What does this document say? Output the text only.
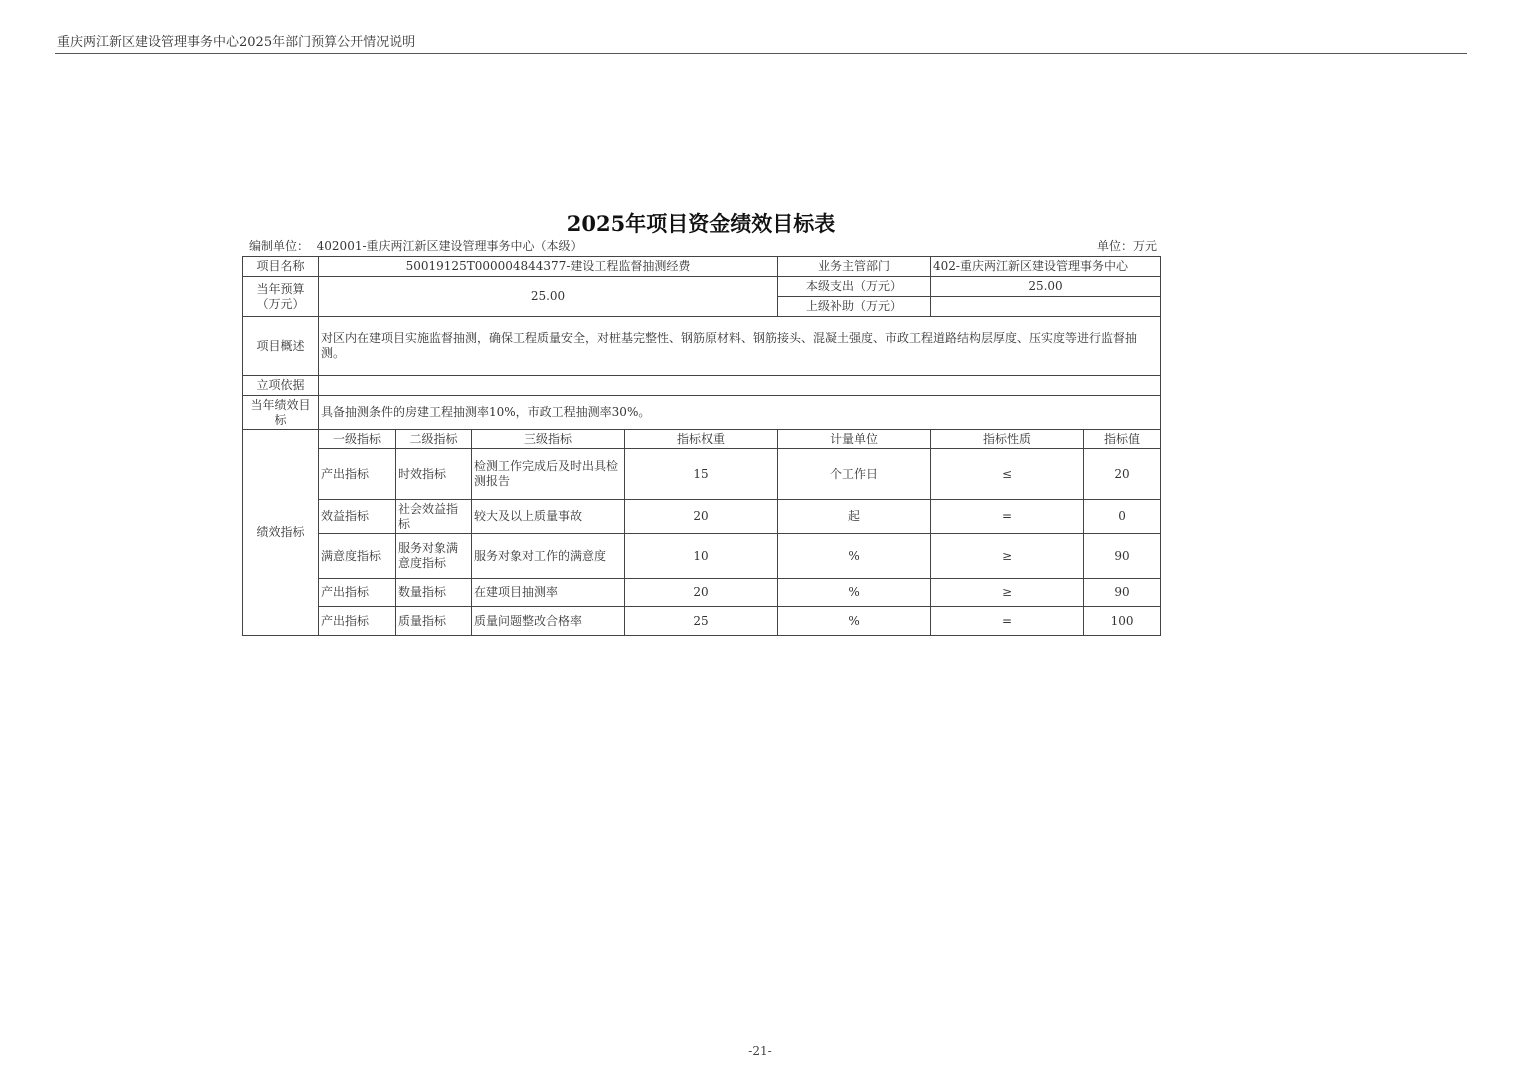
重庆两江新区建设管理事务中心2025年部门预算公开情况说明
2025年项目资金绩效目标表
编制单位： 402001-重庆两江新区建设管理事务中心（本级）	单位：万元
项目名称	50019125T000004844377-建设工程监督抽测经费				业务主管部门	402-重庆两江新区建设管理事务中心	
当年预算（万元）	25.00				本级支出（万元）	25.00	
					上级补助（万元）		
项目概述	对区内在建项目实施监督抽测，确保工程质量安全，对桩基完整性、钢筋原材料、钢筋接头、混凝土强度、市政工程道路结构层厚度、压实度等进行监督抽测。						
立项依据							
当年绩效目标	具备抽测条件的房建工程抽测率10%，市政工程抽测率30%。						
绩效指标	一级指标	二级指标	三级指标	指标权重	计量单位	指标性质	指标值
	产出指标	时效指标	检测工作完成后及时出具检测报告	15	个工作日	≤	20
	效益指标	社会效益指标	较大及以上质量事故	20	起	=	0
	满意度指标	服务对象满意度指标	服务对象对工作的满意度	10	%	≥	90
	产出指标	数量指标	在建项目抽测率	20	%	≥	90
	产出指标	质量指标	质量问题整改合格率	25	%	=	100
-21-
